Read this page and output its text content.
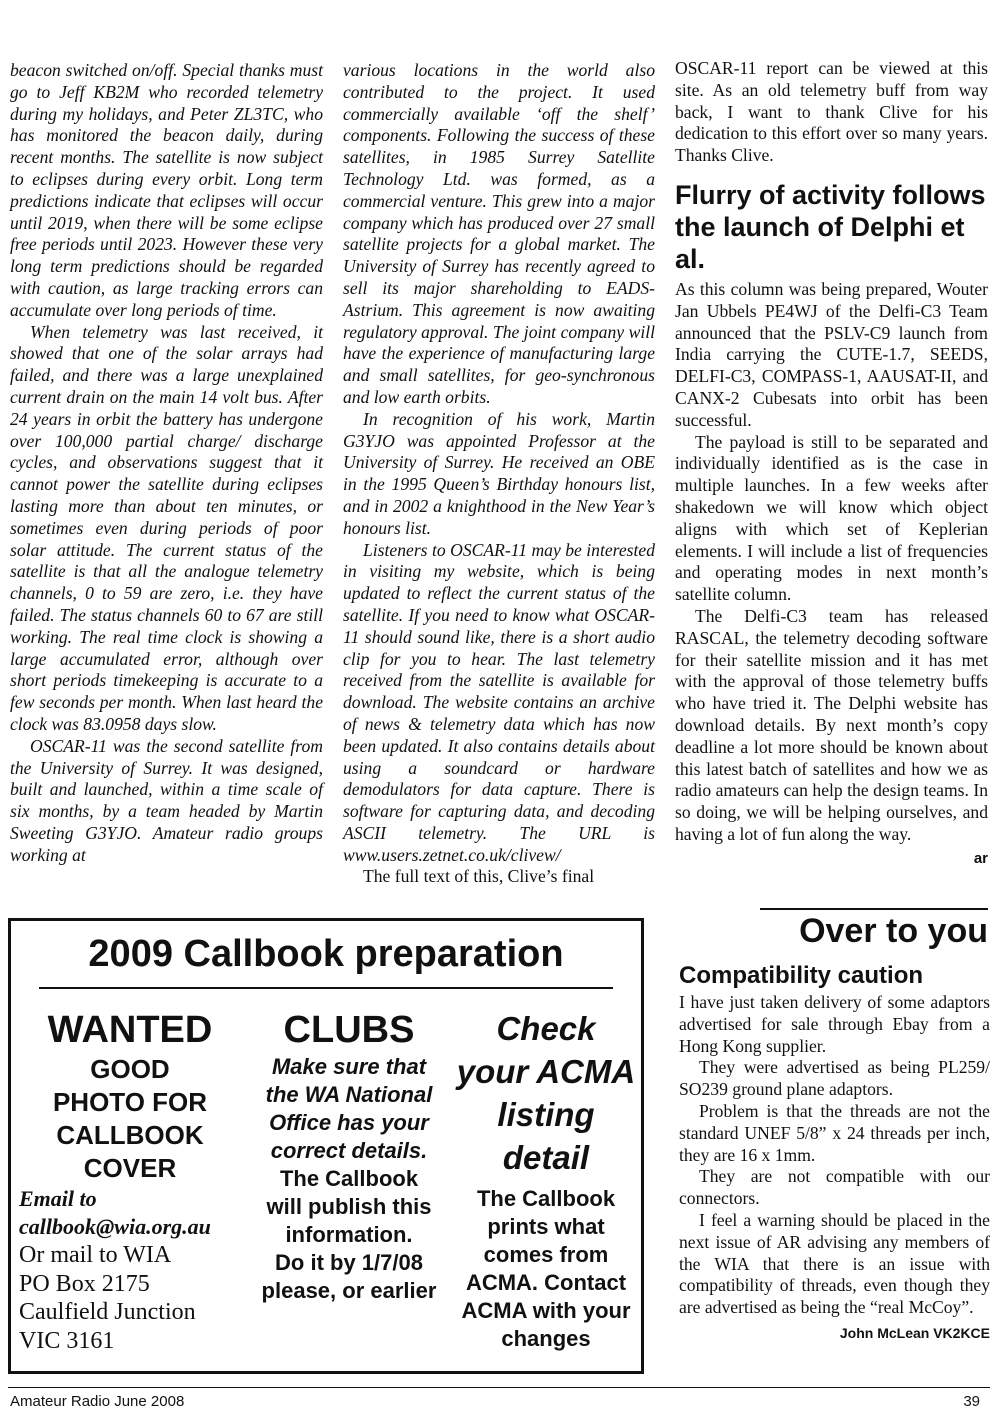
beacon switched on/off. Special thanks must go to Jeff KB2M who recorded telemetry during my holidays, and Peter ZL3TC, who has monitored the beacon daily, during recent months. The satellite is now subject to eclipses during every orbit. Long term predictions indicate that eclipses will occur until 2019, when there will be some eclipse free periods until 2023. However these very long term predictions should be regarded with caution, as large tracking errors can accumulate over long periods of time.

When telemetry was last received, it showed that one of the solar arrays had failed, and there was a large unexplained current drain on the main 14 volt bus. After 24 years in orbit the battery has undergone over 100,000 partial charge/ discharge cycles, and observations suggest that it cannot power the satellite during eclipses lasting more than about ten minutes, or sometimes even during periods of poor solar attitude. The current status of the satellite is that all the analogue telemetry channels, 0 to 59 are zero, i.e. they have failed. The status channels 60 to 67 are still working. The real time clock is showing a large accumulated error, although over short periods timekeeping is accurate to a few seconds per month. When last heard the clock was 83.0958 days slow.

OSCAR-11 was the second satellite from the University of Surrey. It was designed, built and launched, within a time scale of six months, by a team headed by Martin Sweeting G3YJO. Amateur radio groups working at

various locations in the world also contributed to the project. It used commercially available ‘off the shelf’ components. Following the success of these satellites, in 1985 Surrey Satellite Technology Ltd. was formed, as a commercial venture. This grew into a major company which has produced over 27 small satellite projects for a global market. The University of Surrey has recently agreed to sell its major shareholding to EADS-Astrium. This agreement is now awaiting regulatory approval. The joint company will have the experience of manufacturing large and small satellites, for geo-synchronous and low earth orbits.

In recognition of his work, Martin G3YJO was appointed Professor at the University of Surrey. He received an OBE in the 1995 Queen’s Birthday honours list, and in 2002 a knighthood in the New Year’s honours list.

Listeners to OSCAR-11 may be interested in visiting my website, which is being updated to reflect the current status of the satellite. If you need to know what OSCAR-11 should sound like, there is a short audio clip for you to hear. The last telemetry received from the satellite is available for download. The website contains an archive of news & telemetry data which has now been updated. It also contains details about using a soundcard or hardware demodulators for data capture. There is software for capturing data, and decoding ASCII telemetry. The URL is www.users.zetnet.co.uk/clivew/

The full text of this, Clive’s final

OSCAR-11 report can be viewed at this site. As an old telemetry buff from way back, I want to thank Clive for his dedication to this effort over so many years. Thanks Clive.

Flurry of activity follows the launch of Delphi et al.

As this column was being prepared, Wouter Jan Ubbels PE4WJ of the Delfi-C3 Team announced that the PSLV-C9 launch from India carrying the CUTE-1.7, SEEDS, DELFI-C3, COMPASS-1, AAUSAT-II, and CANX-2 Cubesats into orbit has been successful.

The payload is still to be separated and individually identified as is the case in multiple launches. In a few weeks after shakedown we will know which object aligns with which set of Keplerian elements. I will include a list of frequencies and operating modes in next month’s satellite column.

The Delfi-C3 team has released RASCAL, the telemetry decoding software for their satellite mission and it has met with the approval of those telemetry buffs who have tried it. The Delphi website has download details. By next month’s copy deadline a lot more should be known about this latest batch of satellites and how we as radio amateurs can help the design teams. In so doing, we will be helping ourselves, and having a lot of fun along the way.

ar
Over to you
Compatibility caution

I have just taken delivery of some adaptors advertised for sale through Ebay from a Hong Kong supplier.

They were advertised as being PL259/ SO239 ground plane adaptors.

Problem is that the threads are not the standard UNEF 5/8” x 24 threads per inch, they are 16 x 1mm.

They are not compatible with our connectors.

I feel a warning should be placed in the next issue of AR advising any members of the WIA that there is an issue with compatibility of threads, even though they are advertised as being the “real McCoy”.

John McLean VK2KCE
2009 Callbook preparation
WANTED
GOOD
PHOTO FOR
CALLBOOK
COVER
Email to
callbook@wia.org.au
Or mail to WIA
PO Box 2175
Caulfield Junction
VIC 3161
CLUBS
Make sure that
the WA National
Office has your
correct details.
The Callbook
will publish this
information.
Do it by 1/7/08
please, or earlier
Check
your ACMA
listing
detail
The Callbook
prints what
comes from
ACMA. Contact
ACMA with your
changes
Amateur Radio June 2008	39
